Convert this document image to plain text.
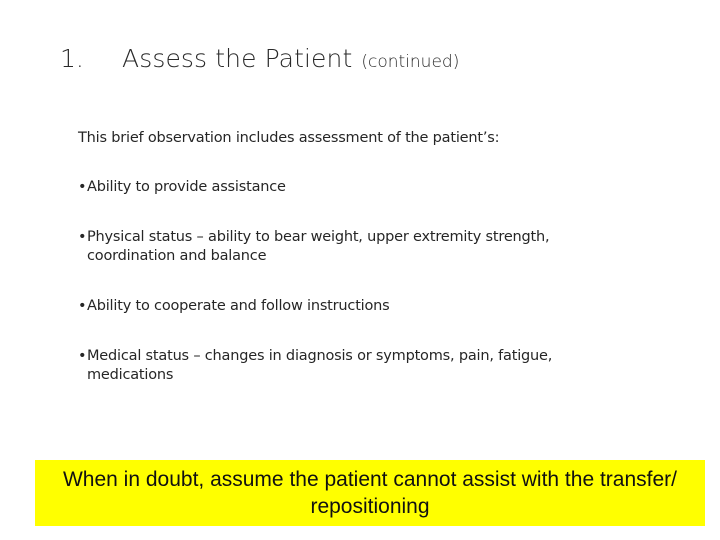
1.	Assess the Patient (continued)

This brief observation includes assessment of the patient’s:

• Ability to provide assistance
• Physical status – ability to bear weight, upper extremity strength, coordination and balance
• Ability to cooperate and follow instructions
• Medical status – changes in diagnosis or symptoms, pain, fatigue, medications

When in doubt, assume the patient cannot assist with the transfer/ repositioning
